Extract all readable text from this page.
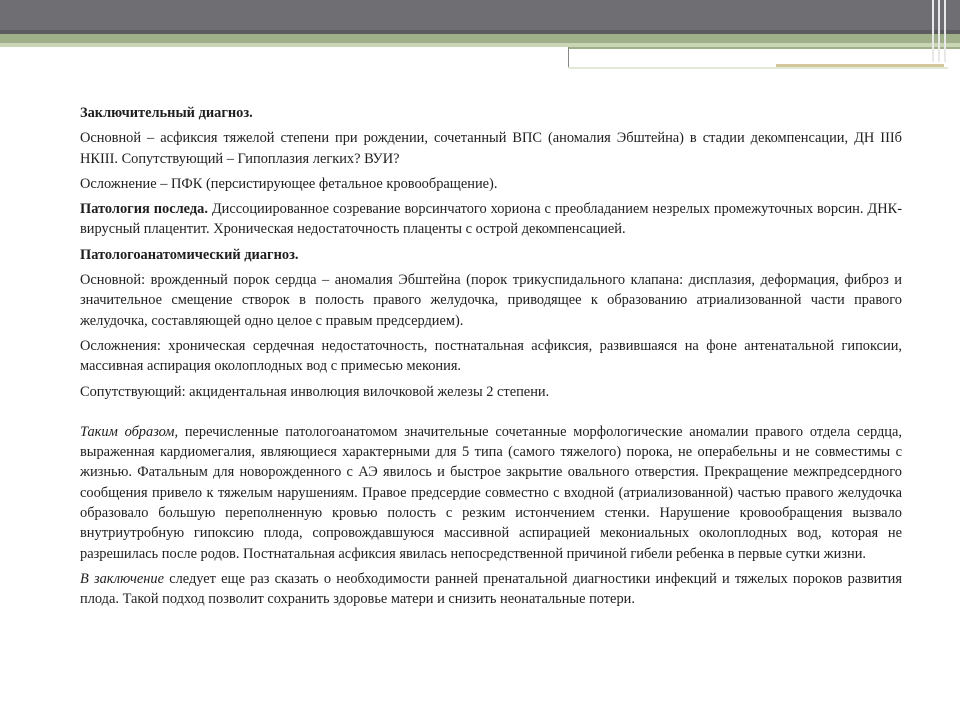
Заключительный диагноз.

Основной – асфиксия тяжелой степени при рождении, сочетанный ВПС (аномалия Эбштейна) в стадии декомпенсации, ДН IIIб НКIII. Сопутствующий – Гипоплазия легких? ВУИ?

Осложнение – ПФК (персистирующее фетальное кровообращение).

Патология последа. Диссоциированное созревание ворсинчатого хориона с преобладанием незрелых промежуточных ворсин. ДНК-вирусный плацентит. Хроническая недостаточность плаценты с острой декомпенсацией.

Патологоанатомический диагноз.

Основной: врожденный порок сердца – аномалия Эбштейна (порок трикуспидального клапана: дисплазия, деформация, фиброз и значительное смещение створок в полость правого желудочка, приводящее к образованию атриализованной части правого желудочка, составляющей одно целое с правым предсердием).

Осложнения: хроническая сердечная недостаточность, постнатальная асфиксия, развившаяся на фоне антенатальной гипоксии, массивная аспирация околоплодных вод с примесью мекония.

Сопутствующий: акцидентальная инволюция вилочковой железы 2 степени.

Таким образом, перечисленные патологоанатомом значительные сочетанные морфологические аномалии правого отдела сердца, выраженная кардиомегалия, являющиеся характерными для 5 типа (самого тяжелого) порока, не операбельны и не совместимы с жизнью. Фатальным для новорожденного с АЭ явилось и быстрое закрытие овального отверстия. Прекращение межпредсердного сообщения привело к тяжелым нарушениям. Правое предсердие совместно с входной (атриализованной) частью правого желудочка образовало большую переполненную кровью полость с резким истончением стенки. Нарушение кровообращения вызвало внутриутробную гипоксию плода, сопровождавшуюся массивной аспирацией мекониальных околоплодных вод, которая не разрешилась после родов. Постнатальная асфиксия явилась непосредственной причиной гибели ребенка в первые сутки жизни.

В заключение следует еще раз сказать о необходимости ранней пренатальной диагностики инфекций и тяжелых пороков развития плода. Такой подход позволит сохранить здоровье матери и снизить неонатальные потери.
